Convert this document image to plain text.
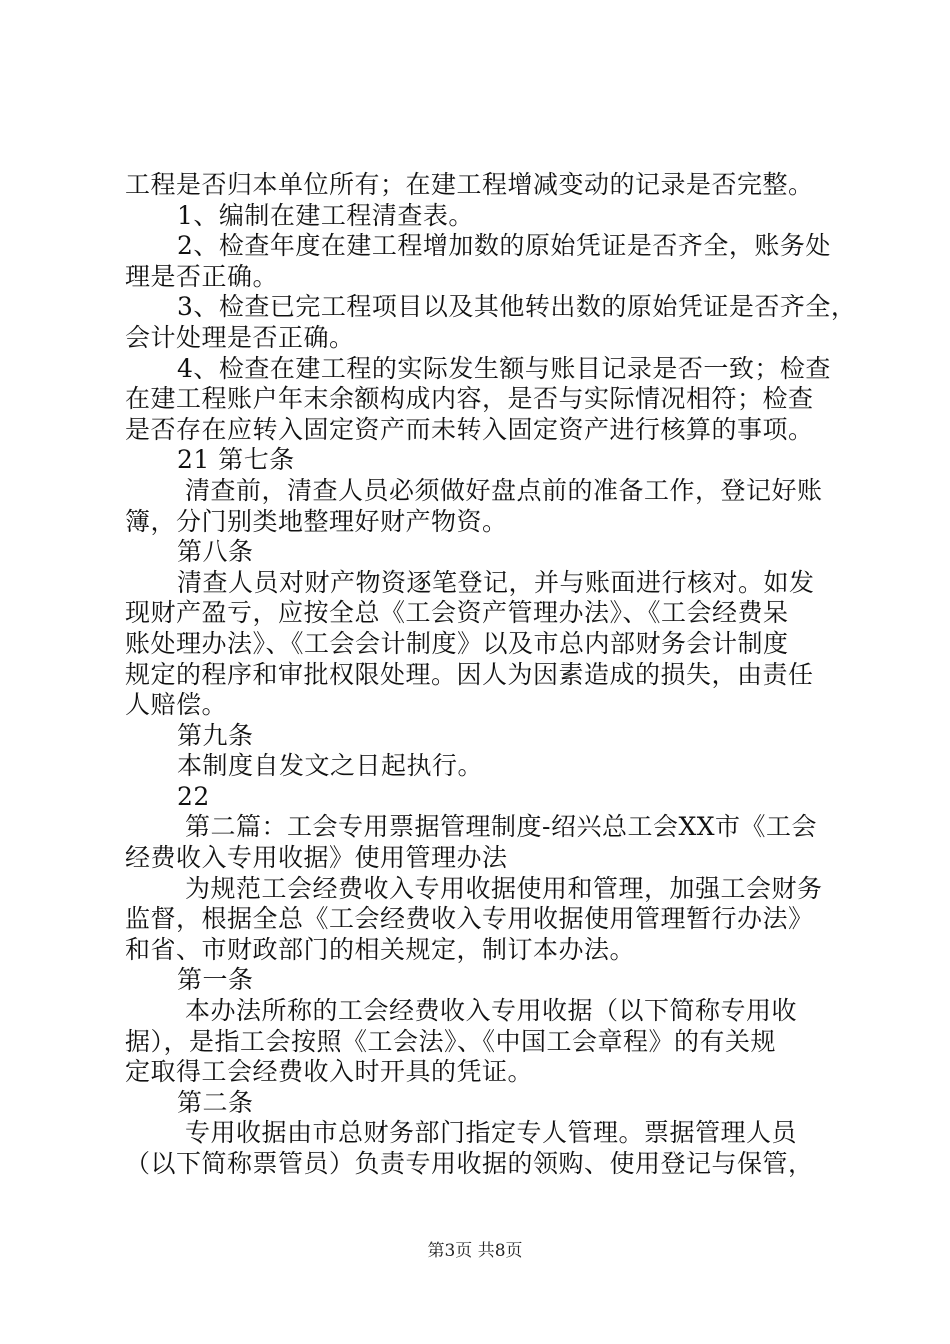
工程是否归本单位所有；在建工程增减变动的记录是否完整。
1、编制在建工程清查表。
2、检查年度在建工程增加数的原始凭证是否齐全，账务处
理是否正确。
3、检查已完工程项目以及其他转出数的原始凭证是否齐全，
会计处理是否正确。
4、检查在建工程的实际发生额与账目记录是否一致；检查
在建工程账户年末余额构成内容，是否与实际情况相符；检查
是否存在应转入固定资产而未转入固定资产进行核算的事项。
21 第七条
清查前，清查人员必须做好盘点前的准备工作，登记好账
簿，分门别类地整理好财产物资。
第八条
清查人员对财产物资逐笔登记，并与账面进行核对。如发
现财产盈亏，应按全总《工会资产管理办法》、《工会经费呆
账处理办法》、《工会会计制度》以及市总内部财务会计制度
规定的程序和审批权限处理。因人为因素造成的损失，由责任
人赔偿。
第九条
本制度自发文之日起执行。
22
第二篇：工会专用票据管理制度-绍兴总工会XX市《工会
经费收入专用收据》使用管理办法
为规范工会经费收入专用收据使用和管理，加强工会财务
监督，根据全总《工会经费收入专用收据使用管理暂行办法》
和省、市财政部门的相关规定，制订本办法。
第一条
本办法所称的工会经费收入专用收据（以下简称专用收
据），是指工会按照《工会法》、《中国工会章程》的有关规
定取得工会经费收入时开具的凭证。
第二条
专用收据由市总财务部门指定专人管理。票据管理人员
（以下简称票管员）负责专用收据的领购、使用登记与保管，
第3页 共8页
